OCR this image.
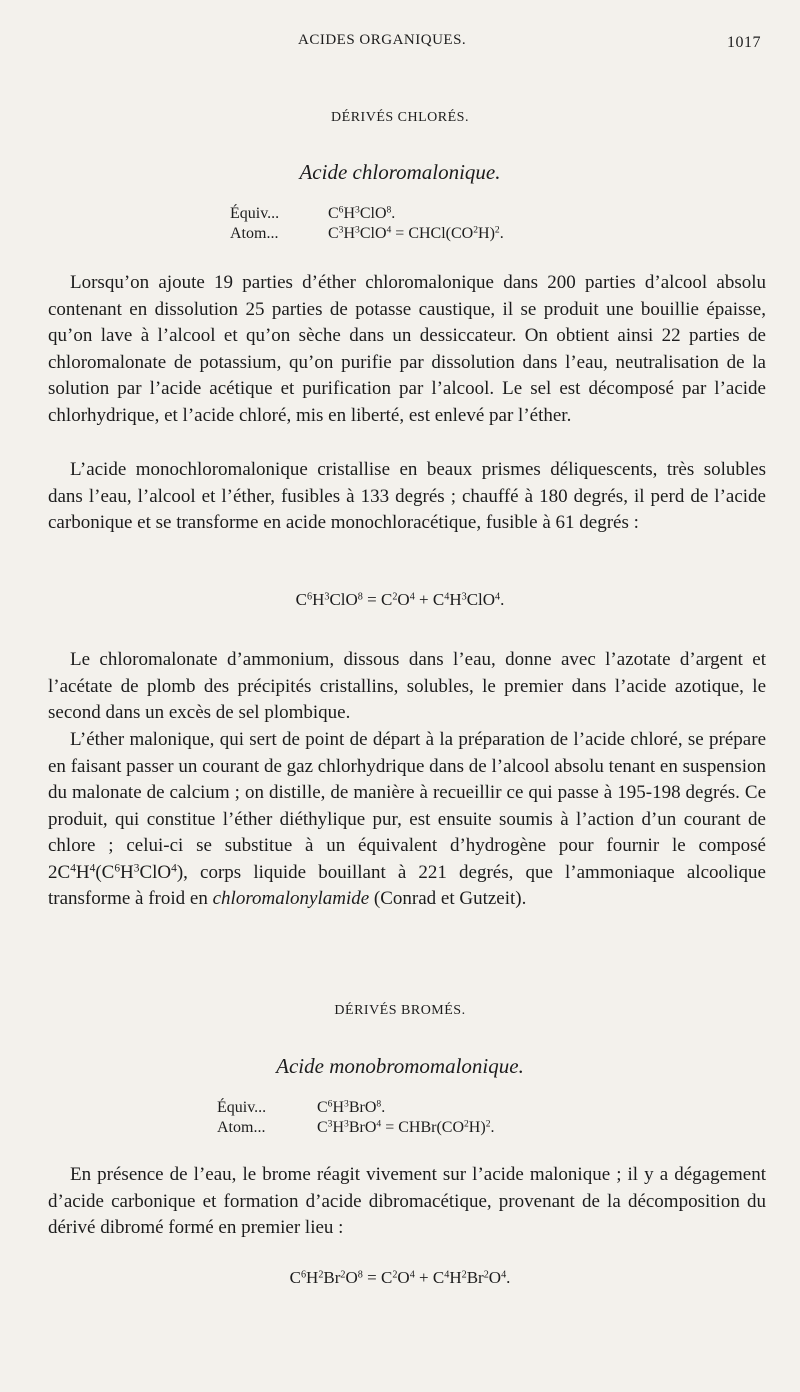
ACIDES ORGANIQUES.	1017
DÉRIVÉS CHLORÉS.
Acide chloromalonique.
Équiv...	$C^6H^3ClO^8$.
Atom...	$C^3H^3ClO^4$ = $CHCl(CO^2H)^2$.
Lorsqu’on ajoute 19 parties d’éther chloromalonique dans 200 parties d’alcool absolu contenant en dissolution 25 parties de potasse caustique, il se produit une bouillie épaisse, qu’on lave à l’alcool et qu’on sèche dans un dessiccateur. On obtient ainsi 22 parties de chloromalonate de potassium, qu’on purifie par dissolution dans l’eau, neutralisation de la solution par l’acide acétique et purification par l’alcool. Le sel est décomposé par l’acide chlorhydrique, et l’acide chloré, mis en liberté, est enlevé par l’éther.
L’acide monochloromalonique cristallise en beaux prismes déliquescents, très solubles dans l’eau, l’alcool et l’éther, fusibles à 133 degrés ; chauffé à 180 degrés, il perd de l’acide carbonique et se transforme en acide monochloracétique, fusible à 61 degrés :
$C^6H^3ClO^8 = C^2O^4 + C^4H^3ClO^4$.
Le chloromalonate d’ammonium, dissous dans l’eau, donne avec l’azotate d’argent et l’acétate de plomb des précipités cristallins, solubles, le premier dans l’acide azotique, le second dans un excès de sel plombique.
L’éther malonique, qui sert de point de départ à la préparation de l’acide chloré, se prépare en faisant passer un courant de gaz chlorhydrique dans de l’alcool absolu tenant en suspension du malonate de calcium ; on distille, de manière à recueillir ce qui passe à 195-198 degrés. Ce produit, qui constitue l’éther diéthylique pur, est ensuite soumis à l’action d’un courant de chlore ; celui-ci se substitue à un équivalent d’hydrogène pour fournir le composé $2C^4H^4(C^6H^3ClO^4)$, corps liquide bouillant à 221 degrés, que l’ammoniaque alcoolique transforme à froid en chloromalonylamide (Conrad et Gutzeit).
DÉRIVÉS BROMÉS.
Acide monobromomalonique.
Équiv...	$C^6H^3BrO^8$.
Atom...	$C^3H^3BrO^4$ = $CHBr(CO^2H)^2$.
En présence de l’eau, le brome réagit vivement sur l’acide malonique ; il y a dégagement d’acide carbonique et formation d’acide dibromacétique, provenant de la décomposition du dérivé dibromé formé en premier lieu :
$C^6H^2Br^2O^8 = C^2O^4 + C^4H^2Br^2O^4$.
